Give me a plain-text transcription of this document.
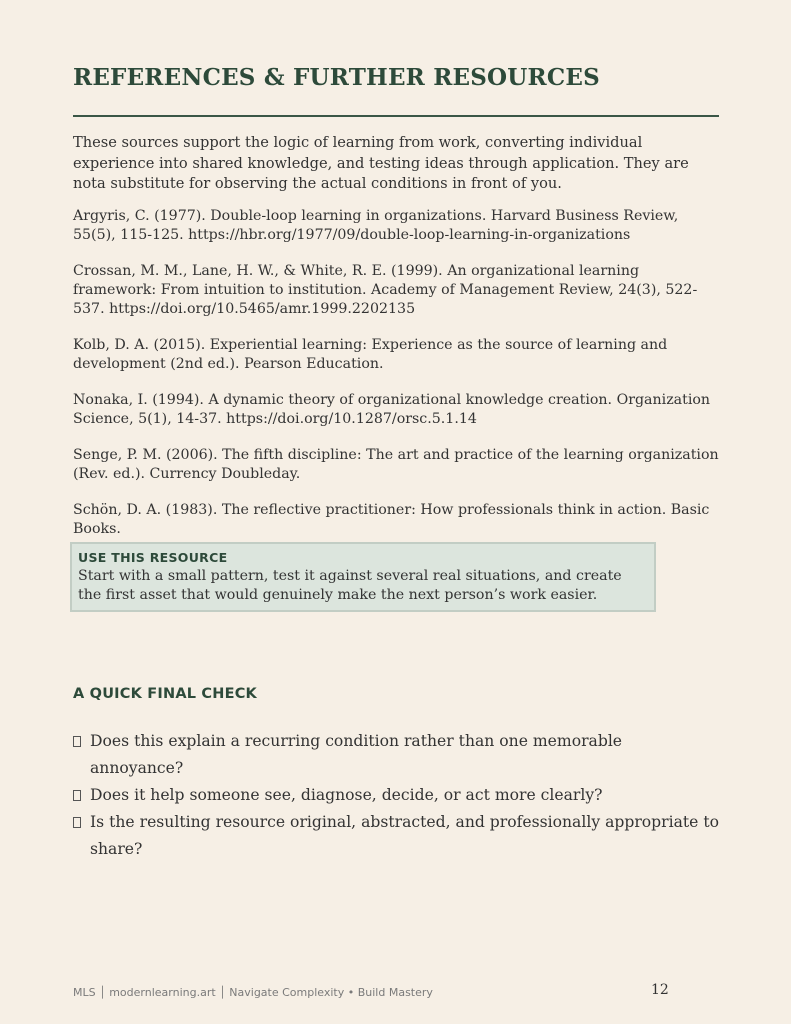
REFERENCES & FURTHER RESOURCES

These sources support the logic of learning from work, converting individual experience into shared knowledge, and testing ideas through application. They are nota substitute for observing the actual conditions in front of you.

Argyris, C. (1977). Double-loop learning in organizations. Harvard Business Review, 55(5), 115-125. https://hbr.org/1977/09/double-loop-learning-in-organizations

Crossan, M. M., Lane, H. W., & White, R. E. (1999). An organizational learning framework: From intuition to institution. Academy of Management Review, 24(3), 522-537. https://doi.org/10.5465/amr.1999.2202135

Kolb, D. A. (2015). Experiential learning: Experience as the source of learning and development (2nd ed.). Pearson Education.

Nonaka, I. (1994). A dynamic theory of organizational knowledge creation. Organization Science, 5(1), 14-37. https://doi.org/10.1287/orsc.5.1.14

Senge, P. M. (2006). The fifth discipline: The art and practice of the learning organization (Rev. ed.). Currency Doubleday.

Schön, D. A. (1983). The reflective practitioner: How professionals think in action. Basic Books.

USE THIS RESOURCE
Start with a small pattern, test it against several real situations, and create the first asset that would genuinely make the next person’s work easier.
A QUICK FINAL CHECK
Does this explain a recurring condition rather than one memorable annoyance?
Does it help someone see, diagnose, decide, or act more clearly?
Is the resulting resource original, abstracted, and professionally appropriate to share?
MLS │ modernlearning.art │ Navigate Complexity • Build Mastery	12
